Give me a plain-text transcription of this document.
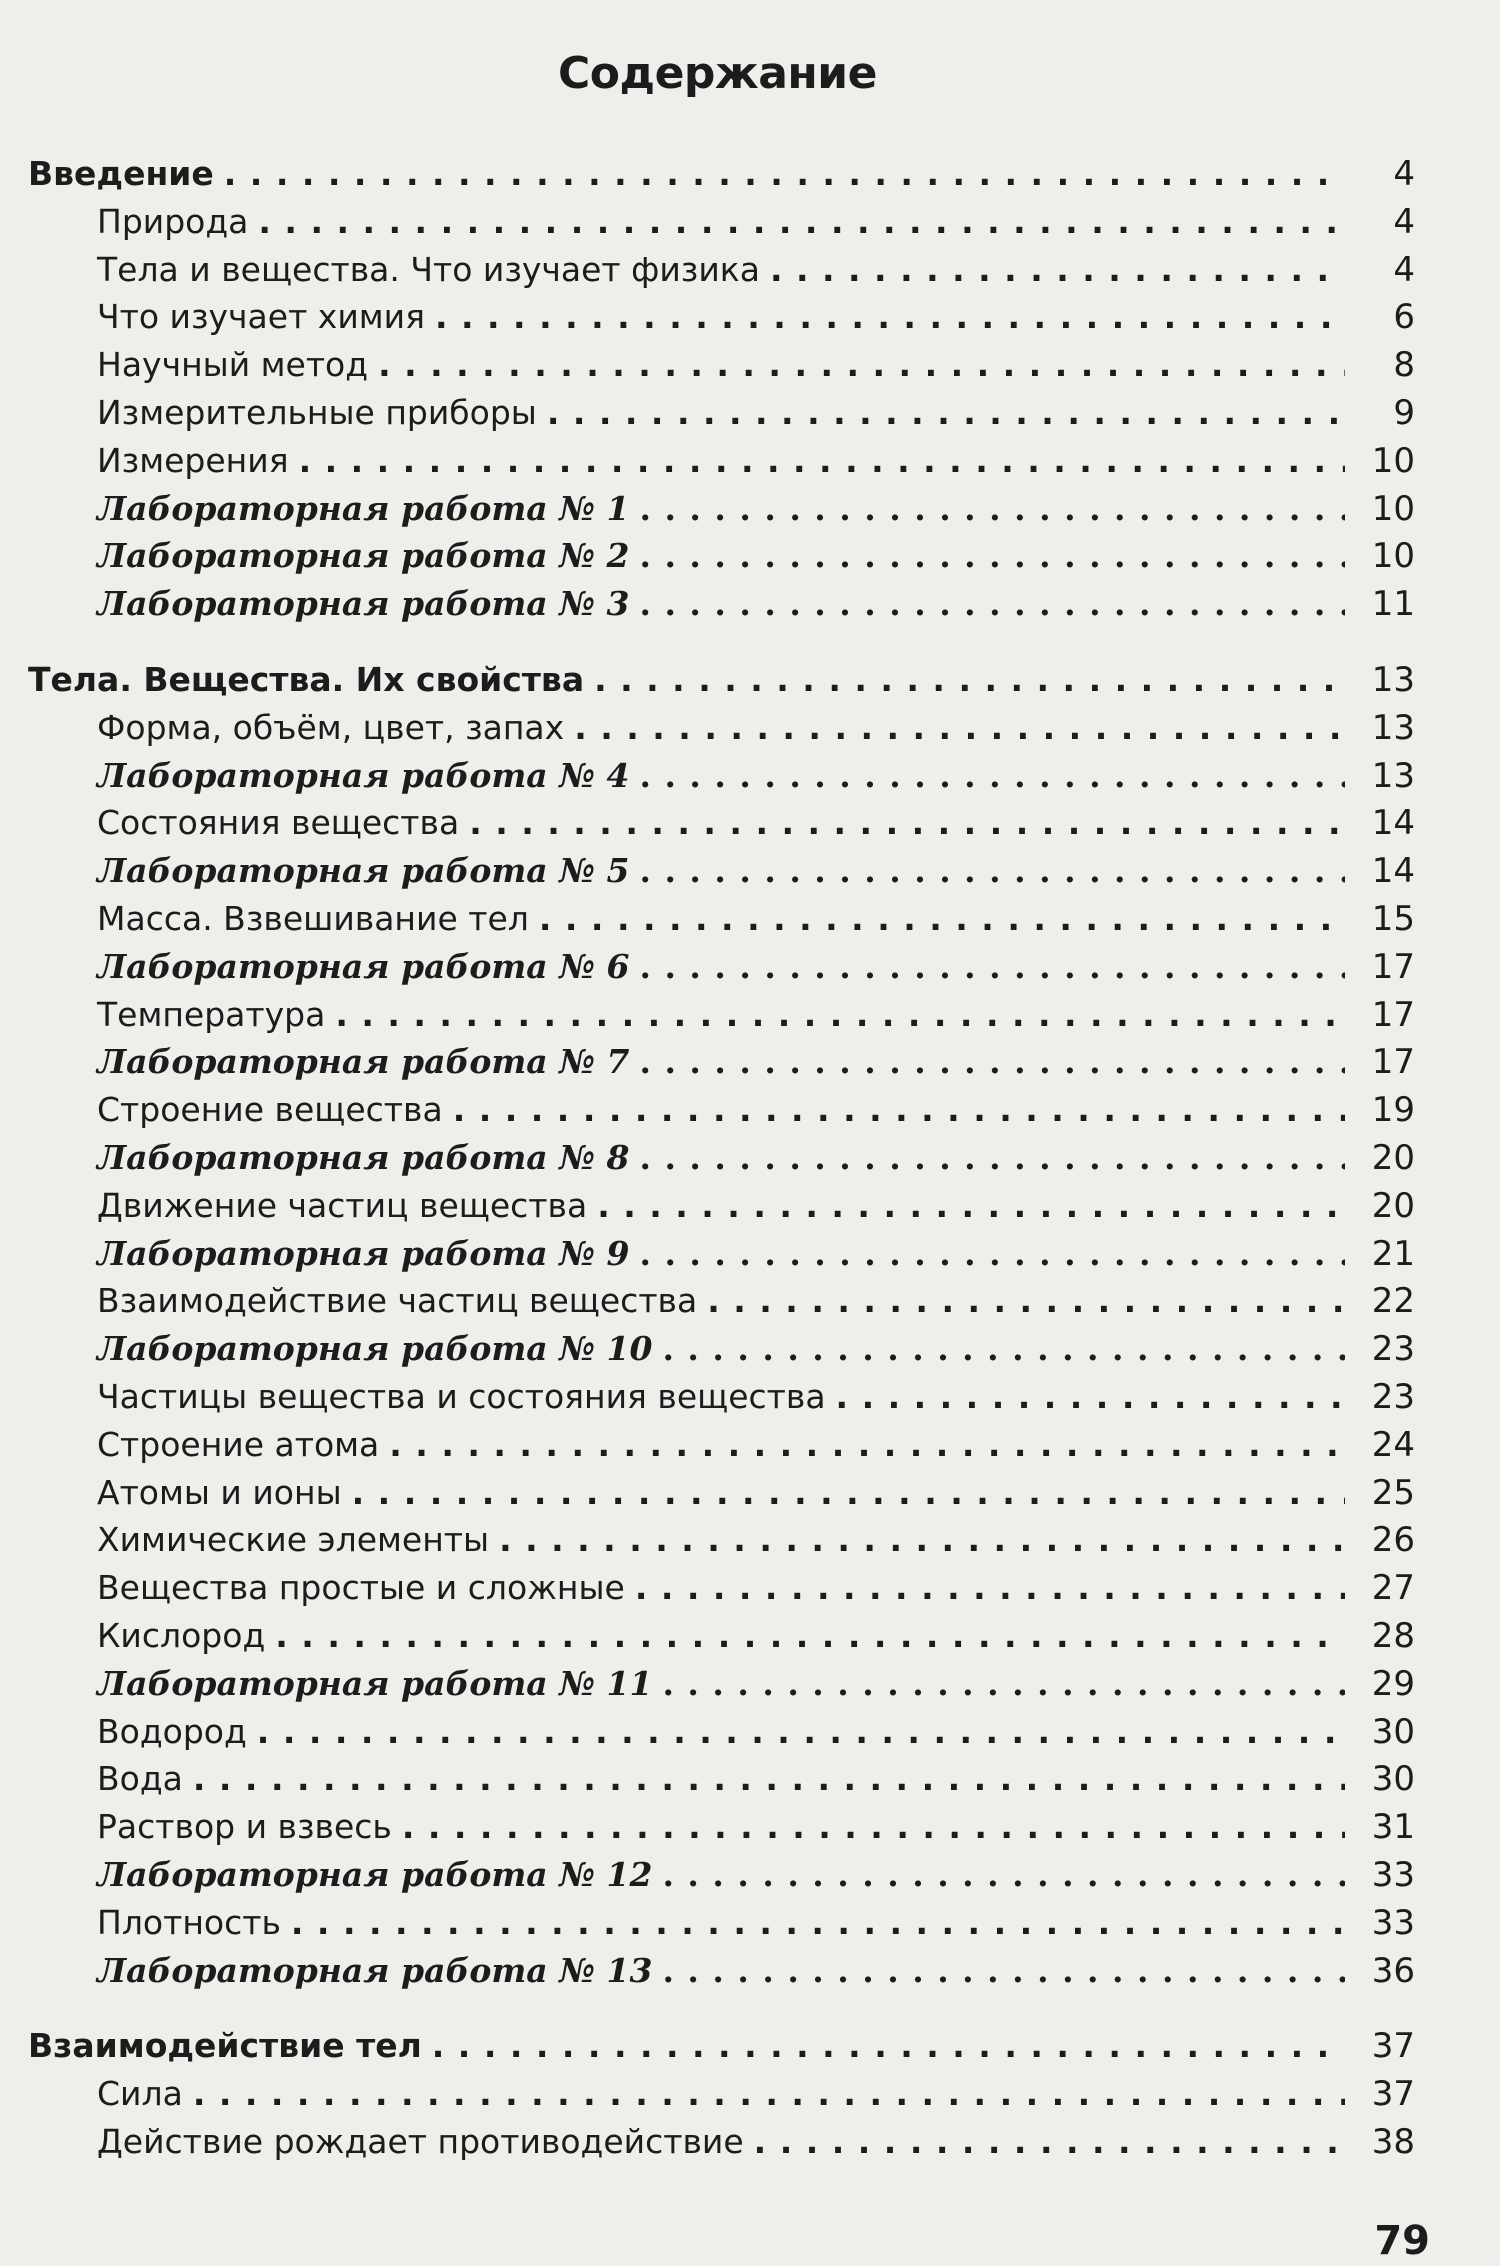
Содержание
Введение . . .	4
Природа . . .	4
Тела и вещества. Что изучает физика . . .	4
Что изучает химия . . .	6
Научный метод . . .	8
Измерительные приборы . . .	9
Измерения . . .	10
Лабораторная работа № 1 . . .	10
Лабораторная работа № 2 . . .	10
Лабораторная работа № 3 . . .	11
Тела. Вещества. Их свойства . . .	13
Форма, объём, цвет, запах . . .	13
Лабораторная работа № 4 . . .	13
Состояния вещества . . .	14
Лабораторная работа № 5 . . .	14
Масса. Взвешивание тел . . .	15
Лабораторная работа № 6 . . .	17
Температура . . .	17
Лабораторная работа № 7 . . .	17
Строение вещества . . .	19
Лабораторная работа № 8 . . .	20
Движение частиц вещества . . .	20
Лабораторная работа № 9 . . .	21
Взаимодействие частиц вещества . . .	22
Лабораторная работа № 10 . . .	23
Частицы вещества и состояния вещества . . .	23
Строение атома . . .	24
Атомы и ионы . . .	25
Химические элементы . . .	26
Вещества простые и сложные . . .	27
Кислород . . .	28
Лабораторная работа № 11 . . .	29
Водород . . .	30
Вода . . .	30
Раствор и взвесь . . .	31
Лабораторная работа № 12 . . .	33
Плотность . . .	33
Лабораторная работа № 13 . . .	36
Взаимодействие тел . . .	37
Сила . . .	37
Действие рождает противодействие . . .	38
79
